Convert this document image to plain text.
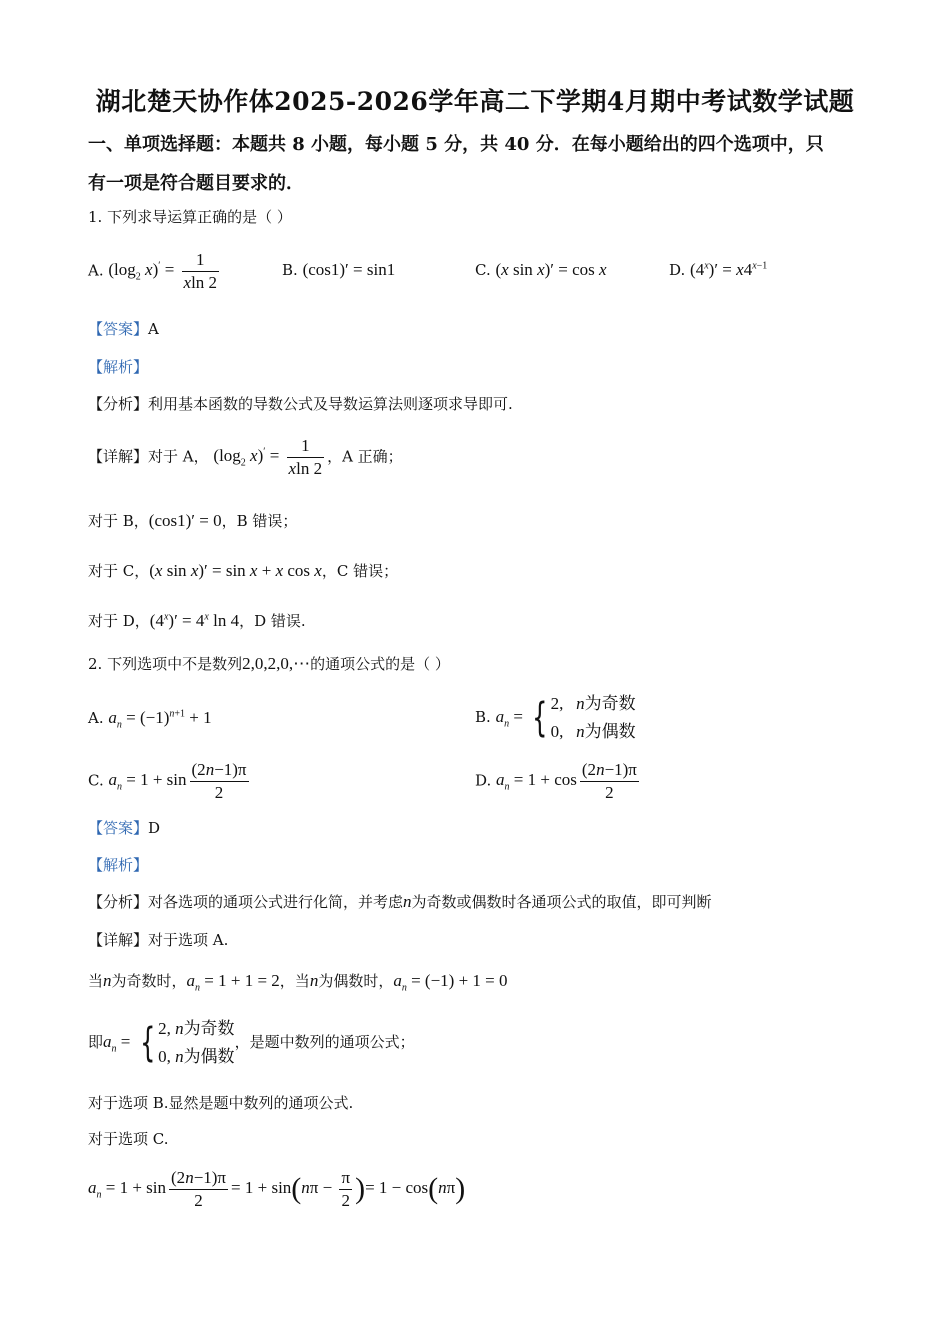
湖北楚天协作体2025-2026学年高二下学期4月期中考试数学试题
一、单项选择题：本题共 8 小题，每小题 5 分，共 40 分．在每小题给出的四个选项中，只
有一项是符合题目要求的．
1. 下列求导运算正确的是（ ）
A. ($\log_2$ $x)' = \frac{1}{xln 2}$	B. (cos1)′ = sin1	C. (x sin x)′ = cos x	D. $(4^x)' = x4^{x-1}$
【答案】A
【解析】
【分析】利用基本函数的导数公式及导数运算法则逐项求导即可.
【详解】对于 A， ($\log_2$ $x)' = \frac{1}{xln 2}$ ，A 正确；
对于 B，(cos1)′ = 0，B 错误；
对于 C，(x sin x)′ = sin x + x cos x，C 错误；
对于 D，$(4^x)' = 4^x$ ln 4，D 错误.
2. 下列选项中不是数列2,0,2,0,⋯的通项公式的是（ ）
A. $a_n = (-1)^{n+1} + 1$	B. $a_n$ = { 2,   n为奇数
0,   n为偶数
C. $a_n = 1 + \sin \frac{(2n-1)\pi}{2}$	D. $a_n = 1 + \cos \frac{(2n-1)\pi}{2}$
【答案】D
【解析】
【分析】对各选项的通项公式进行化简，并考虑n为奇数或偶数时各通项公式的取值，即可判断
【详解】对于选项 A.
当n为奇数时，$a_n = 1 + 1 = 2$，当n为偶数时，$a_n = (-1) + 1 = 0$
即$a_n$ = { 2, n为奇数
0, n为偶数
，是题中数列的通项公式；
对于选项 B.显然是题中数列的通项公式.
对于选项 C.
$a_n = 1 + \sin \frac{(2n-1)\pi}{2} = 1 + \sin(n\pi - \frac{\pi}{2}$ )= 1 − cos(nπ)
